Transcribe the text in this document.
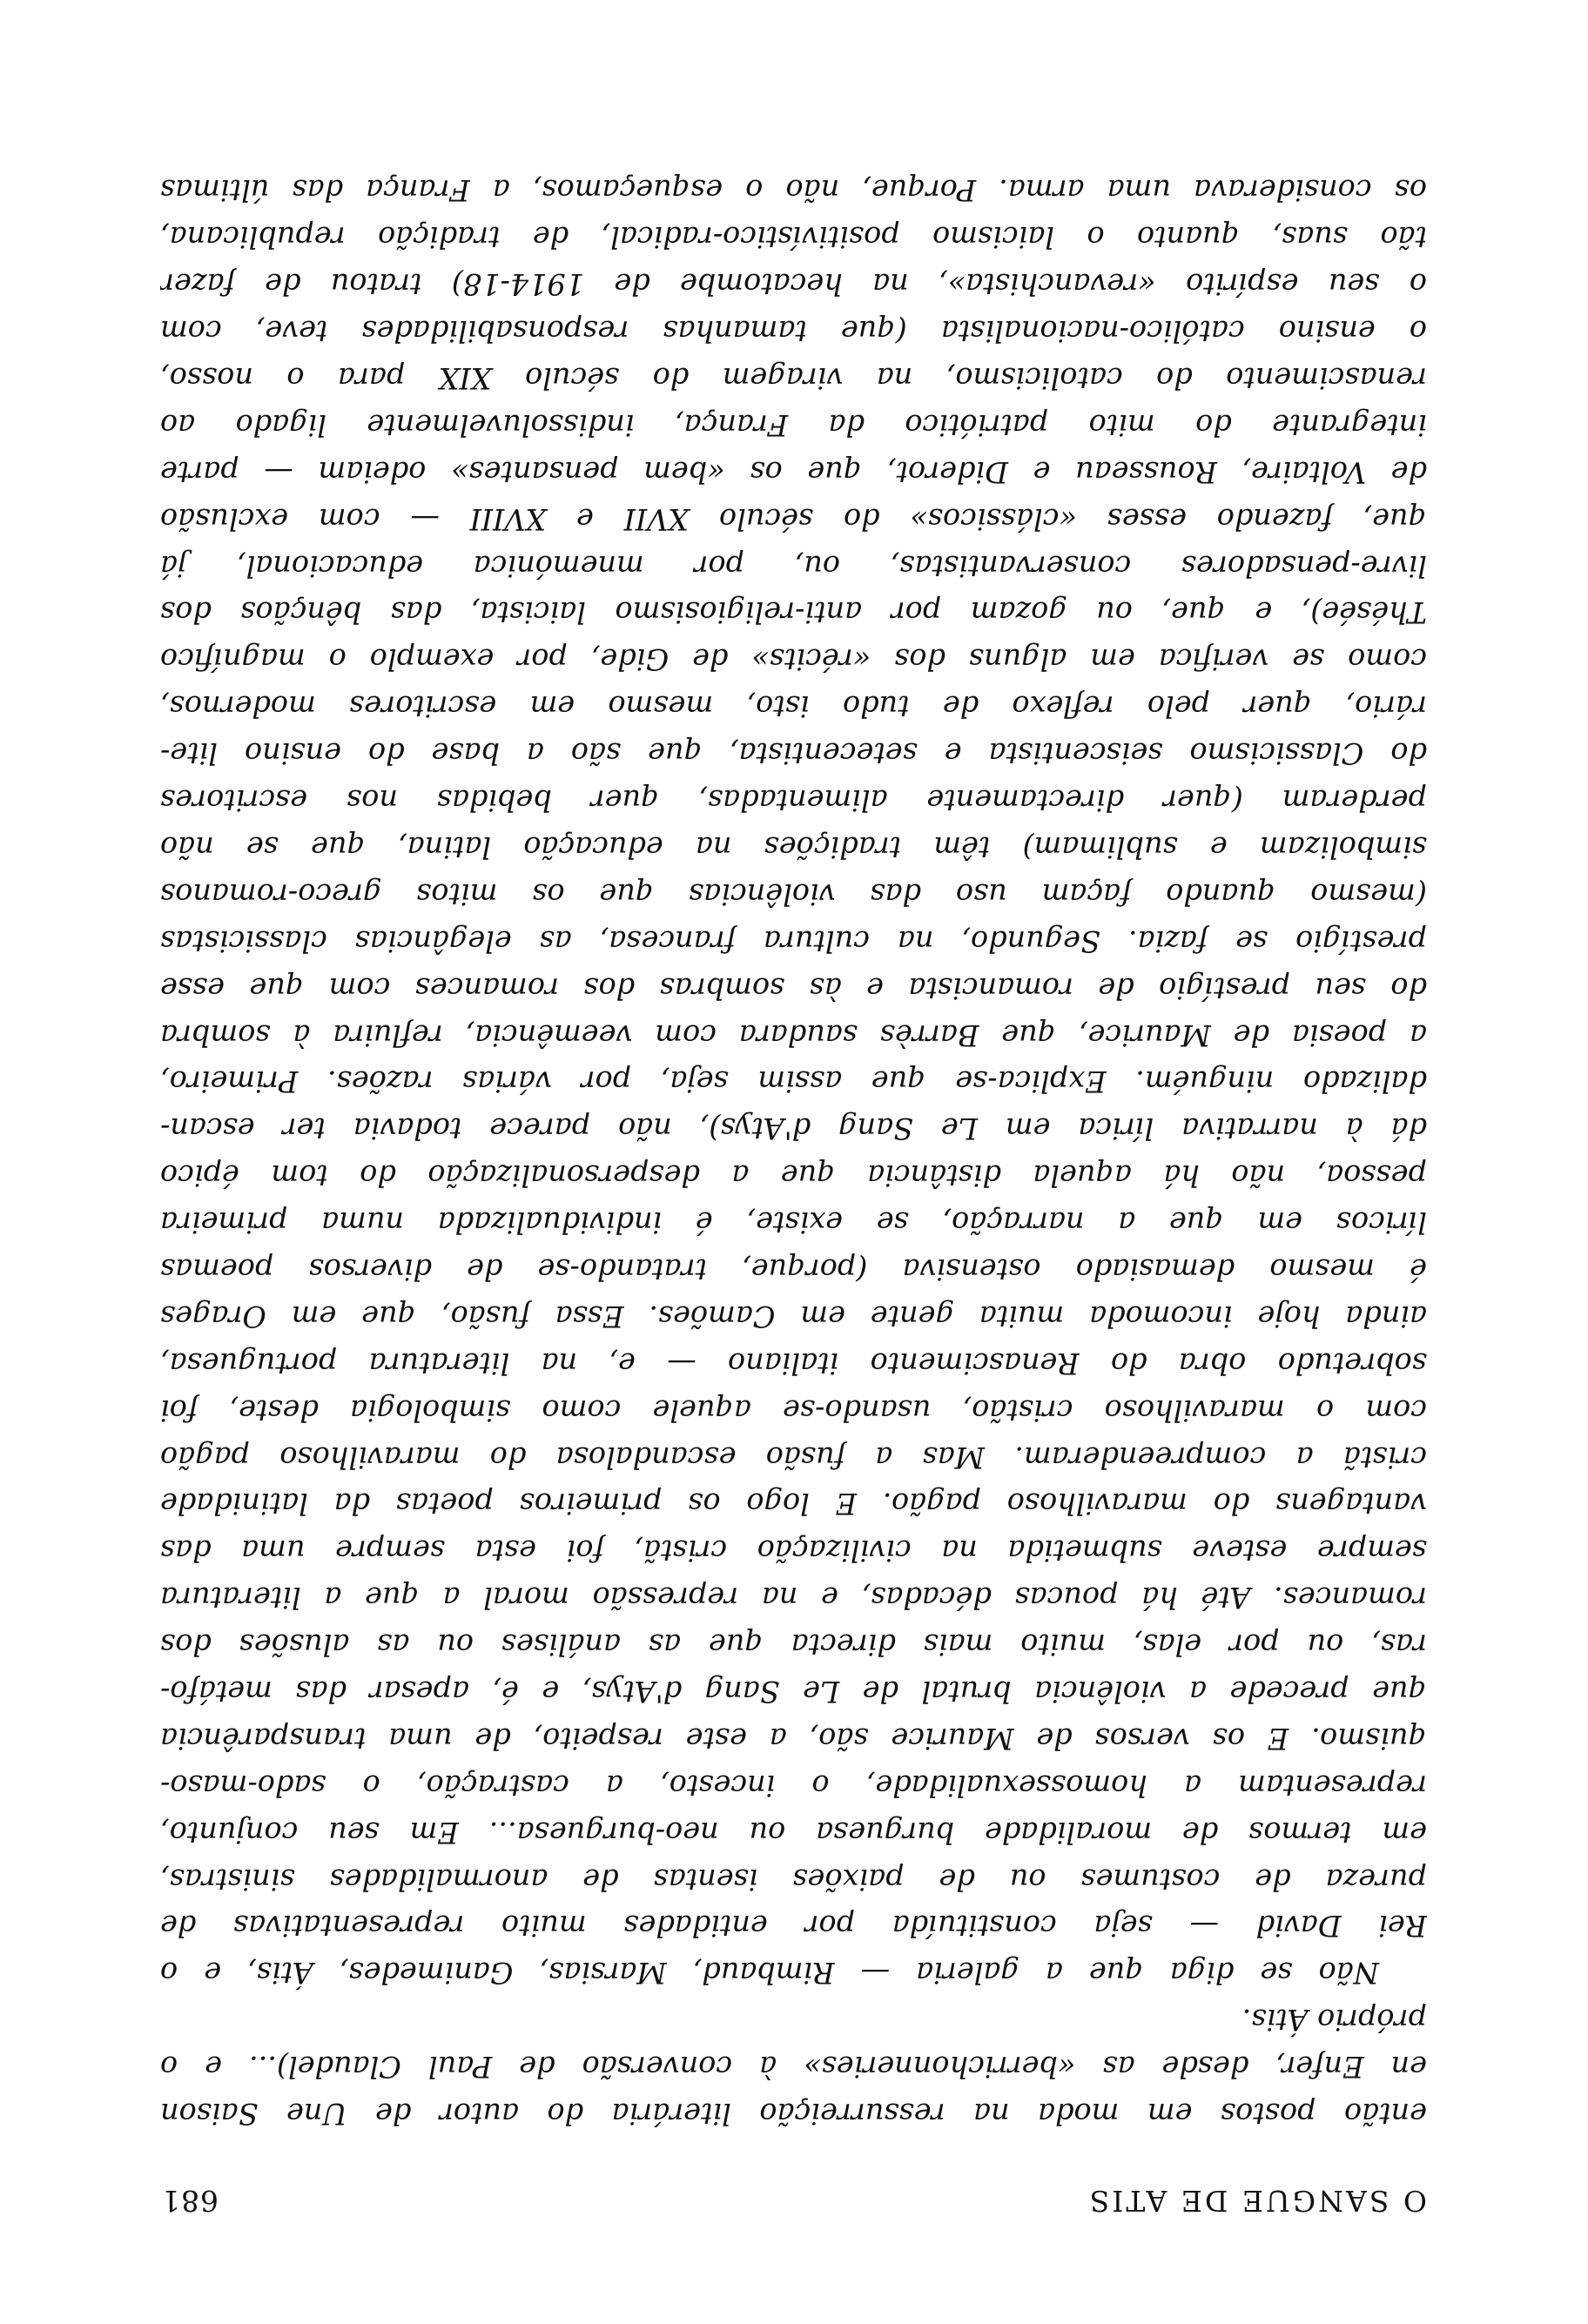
O SANGUE DE ATIS
681
então postos em moda na ressurreição literária do autor de Une Saison
en Enfer, desde as «berrichonneries» à conversão de Paul Claudel)... e o
próprio Átis.
Não se diga que a galeria — Rimbaud, Marsias, Ganimedes, Átis, e o
Rei David — seja constituída por entidades muito representativas de
pureza de costumes ou de paixões isentas de anormalidades sinistras,
em termos de moralidade burguesa ou neo-burguesa... Em seu conjunto,
representam a homossexualidade, o incesto, a castração, o sado-maso-
quismo. E os versos de Maurice são, a este respeito, de uma transparência
que precede a violência brutal de Le Sang d'Atys, e é, apesar das metáfo-
ras, ou por elas, muito mais directa que as análises ou as alusões dos
romances. Até há poucas décadas, e na repressão moral a que a literatura
sempre esteve submetida na civilização cristã, foi esta sempre uma das
vantagens do maravilhoso pagão. E logo os primeiros poetas da latinidade
cristã a compreenderam. Mas a fusão escandalosa do maravilhoso pagão
com o maravilhoso cristão, usando-se aquele como simbologia deste, foi
sobretudo obra do Renascimento italiano — e, na literatura portuguesa,
ainda hoje incomoda muita gente em Camões. Essa fusão, que em Orages
é mesmo demasiado ostensiva (porque, tratando-se de diversos poemas
líricos em que a narração, se existe, é individualizada numa primeira
pessoa, não há aquela distância que a despersonalização do tom épico
dá à narrativa lírica em Le Sang d'Atys), não parece todavia ter escan-
dalizado ninguém. Explica-se que assim seja, por várias razões. Primeiro,
a poesia de Maurice, que Barrès saudara com veemência, refluira à sombra
do seu prestígio de romancista e às sombras dos romances com que esse
prestígio se fazia. Segundo, na cultura francesa, as elegâncias classicistas
(mesmo quando façam uso das violências que os mitos greco-romanos
simbolizam e sublimam) têm tradições na educação latina, que se não
perderam (quer directamente alimentadas, quer bebidas nos escritores
do Classicismo seiscentista e setecentista, que são a base do ensino lite-
rário, quer pelo reflexo de tudo isto, mesmo em escritores modernos,
como se verifica em alguns dos «récits» de Gide, por exemplo o magnífico
Thésée), e que, ou gozam por anti-religiosismo laicista, das bênçãos dos
livre-pensadores conservantistas, ou, por mnemónica educacional, já
que, fazendo esses «clássicos» do século XVII e XVIII — com exclusão
de Voltaire, Rousseau e Diderot, que os «bem pensantes» odeiam — parte
integrante do mito patriótico da França, indissoluvelmente ligado ao
renascimento do catolicismo, na viragem do século XIX para o nosso,
o ensino católico-nacionalista (que tamanhas responsabilidades teve, com
o seu espírito «revanchista», na hecatombe de 1914-18) tratou de fazer
tão suas, quanto o laicismo positivístico-radical, de tradição republicana,
os considerava uma arma. Porque, não o esqueçamos, a França das últimas
